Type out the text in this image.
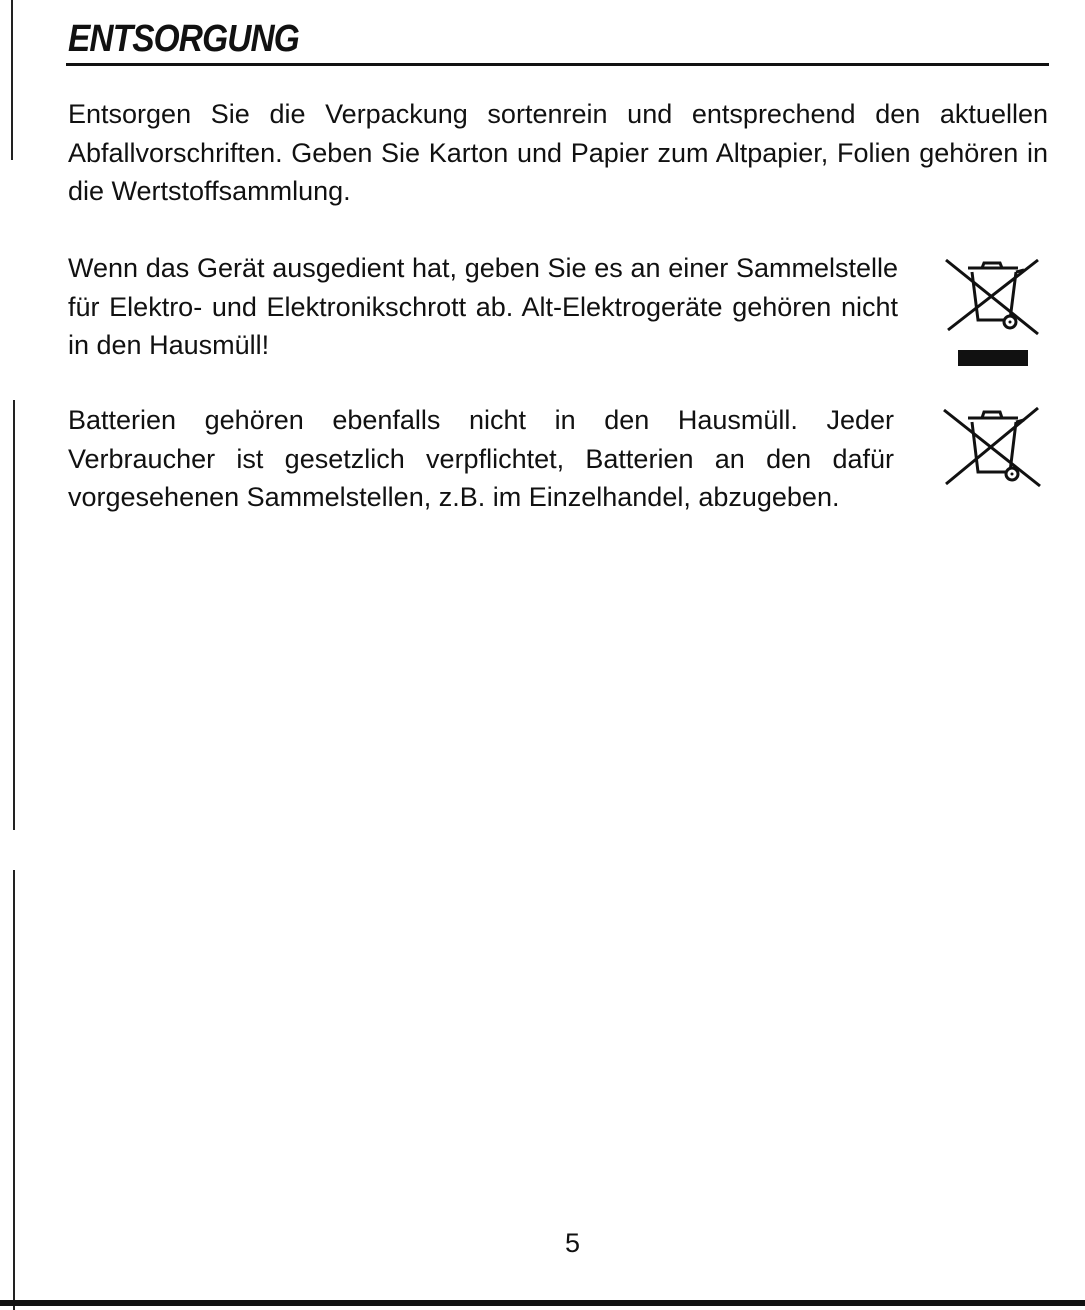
ENTSORGUNG

Entsorgen Sie die Verpackung sortenrein und entsprechend den aktuellen Abfallvorschriften. Geben Sie Karton und Papier zum Altpapier, Folien gehören in die Wertstoffsammlung.

Wenn das Gerät ausgedient hat, geben Sie es an einer Sammelstelle für Elektro- und Elektronikschrott ab. Alt-Elektrogeräte gehören nicht in den Hausmüll!

Batterien gehören ebenfalls nicht in den Hausmüll. Jeder Verbraucher ist gesetzlich verpflichtet, Batterien an den dafür vorgesehenen Sammelstellen, z.B. im Einzelhandel, abzugeben.

5
